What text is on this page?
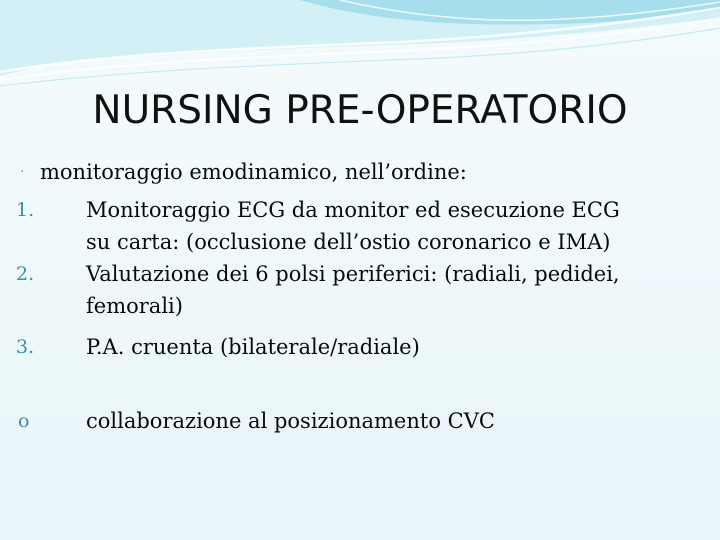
NURSING PRE-OPERATORIO
· monitoraggio emodinamico, nell’ordine:
1. Monitoraggio ECG da monitor ed esecuzione ECG
su carta: (occlusione dell’ostio coronarico e IMA)
2. Valutazione dei 6 polsi periferici: (radiali, pedidei,
femorali)
3. P.A. cruenta (bilaterale/radiale)
o	collaborazione al posizionamento CVC
